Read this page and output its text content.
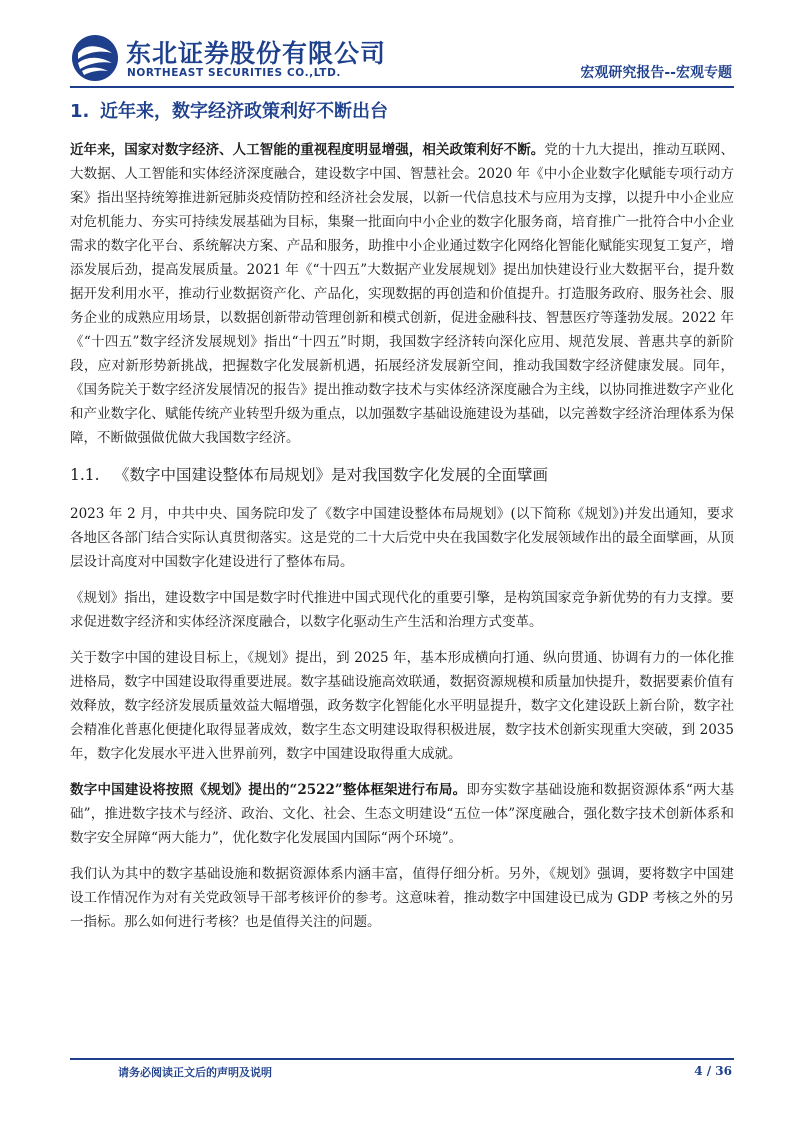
东北证券股份有限公司
NORTHEAST SECURITIES CO.,LTD.	宏观研究报告--宏观专题
1. 近年来，数字经济政策利好不断出台

近年来，国家对数字经济、人工智能的重视程度明显增强，相关政策利好不断。党的十九大提出，推动互联网、大数据、人工智能和实体经济深度融合，建设数字中国、智慧社会。2020 年《中小企业数字化赋能专项行动方案》指出坚持统筹推进新冠肺炎疫情防控和经济社会发展，以新一代信息技术与应用为支撑，以提升中小企业应对危机能力、夯实可持续发展基础为目标，集聚一批面向中小企业的数字化服务商，培育推广一批符合中小企业需求的数字化平台、系统解决方案、产品和服务，助推中小企业通过数字化网络化智能化赋能实现复工复产，增添发展后劲，提高发展质量。2021 年《“十四五”大数据产业发展规划》提出加快建设行业大数据平台，提升数据开发利用水平，推动行业数据资产化、产品化，实现数据的再创造和价值提升。打造服务政府、服务社会、服务企业的成熟应用场景，以数据创新带动管理创新和模式创新，促进金融科技、智慧医疗等蓬勃发展。2022 年《“十四五”数字经济发展规划》指出“十四五”时期，我国数字经济转向深化应用、规范发展、普惠共享的新阶段，应对新形势新挑战，把握数字化发展新机遇，拓展经济发展新空间，推动我国数字经济健康发展。同年，《国务院关于数字经济发展情况的报告》提出推动数字技术与实体经济深度融合为主线，以协同推进数字产业化和产业数字化、赋能传统产业转型升级为重点，以加强数字基础设施建设为基础，以完善数字经济治理体系为保障，不断做强做优做大我国数字经济。

1.1. 《数字中国建设整体布局规划》是对我国数字化发展的全面擘画

2023 年 2 月，中共中央、国务院印发了《数字中国建设整体布局规划》(以下简称《规划》)并发出通知，要求各地区各部门结合实际认真贯彻落实。这是党的二十大后党中央在我国数字化发展领域作出的最全面擘画，从顶层设计高度对中国数字化建设进行了整体布局。

《规划》指出，建设数字中国是数字时代推进中国式现代化的重要引擎，是构筑国家竞争新优势的有力支撑。要求促进数字经济和实体经济深度融合，以数字化驱动生产生活和治理方式变革。

关于数字中国的建设目标上，《规划》提出，到 2025 年，基本形成横向打通、纵向贯通、协调有力的一体化推进格局，数字中国建设取得重要进展。数字基础设施高效联通，数据资源规模和质量加快提升，数据要素价值有效释放，数字经济发展质量效益大幅增强，政务数字化智能化水平明显提升，数字文化建设跃上新台阶，数字社会精准化普惠化便捷化取得显著成效，数字生态文明建设取得积极进展，数字技术创新实现重大突破，到 2035 年，数字化发展水平进入世界前列，数字中国建设取得重大成就。

数字中国建设将按照《规划》提出的“2522”整体框架进行布局。即夯实数字基础设施和数据资源体系“两大基础”，推进数字技术与经济、政治、文化、社会、生态文明建设“五位一体”深度融合，强化数字技术创新体系和数字安全屏障“两大能力”，优化数字化发展国内国际“两个环境”。

我们认为其中的数字基础设施和数据资源体系内涵丰富，值得仔细分析。另外，《规划》强调，要将数字中国建设工作情况作为对有关党政领导干部考核评价的参考。这意味着，推动数字中国建设已成为 GDP 考核之外的另一指标。那么如何进行考核？也是值得关注的问题。

请务必阅读正文后的声明及说明	4 / 36
